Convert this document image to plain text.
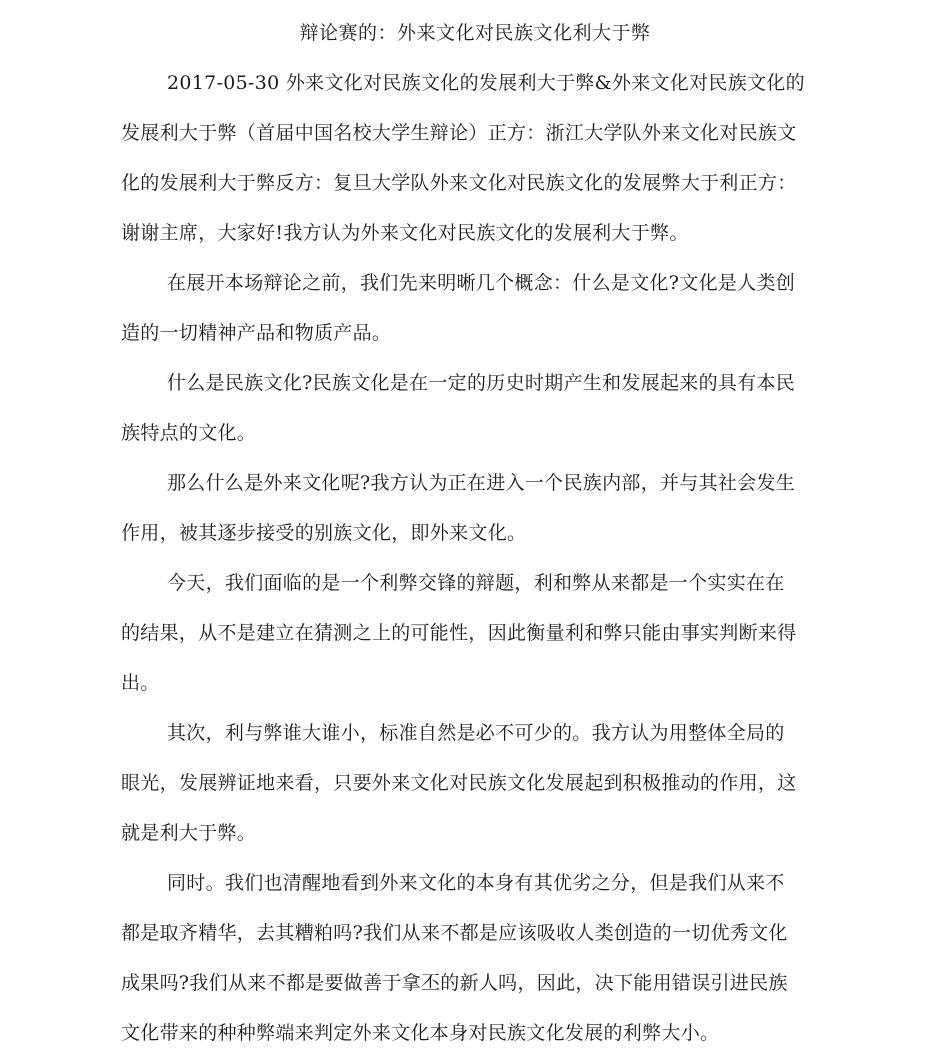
辩论赛的：外来文化对民族文化利大于弊
2017-05-30 外来文化对民族文化的发展利大于弊&外来文化对民族文化的
发展利大于弊（首届中国名校大学生辩论）正方：浙江大学队外来文化对民族文
化的发展利大于弊反方：复旦大学队外来文化对民族文化的发展弊大于利正方：
谢谢主席，大家好!我方认为外来文化对民族文化的发展利大于弊。
在展开本场辩论之前，我们先来明晰几个概念：什么是文化?文化是人类创
造的一切精神产品和物质产品。
什么是民族文化?民族文化是在一定的历史时期产生和发展起来的具有本民
族特点的文化。
那么什么是外来文化呢?我方认为正在进入一个民族内部，并与其社会发生
作用，被其逐步接受的别族文化，即外来文化。
今天，我们面临的是一个利弊交锋的辩题，利和弊从来都是一个实实在在
的结果，从不是建立在猜测之上的可能性，因此衡量利和弊只能由事实判断来得
出。
其次，利与弊谁大谁小，标准自然是必不可少的。我方认为用整体全局的
眼光，发展辨证地来看，只要外来文化对民族文化发展起到积极推动的作用，这
就是利大于弊。
同时。我们也清醒地看到外来文化的本身有其优劣之分，但是我们从来不
都是取齐精华，去其糟粕吗?我们从来不都是应该吸收人类创造的一切优秀文化
成果吗?我们从来不都是要做善于拿丕的新人吗，因此，决下能用错误引进民族
文化带来的种种弊端来判定外来文化本身对民族文化发展的利弊大小。
